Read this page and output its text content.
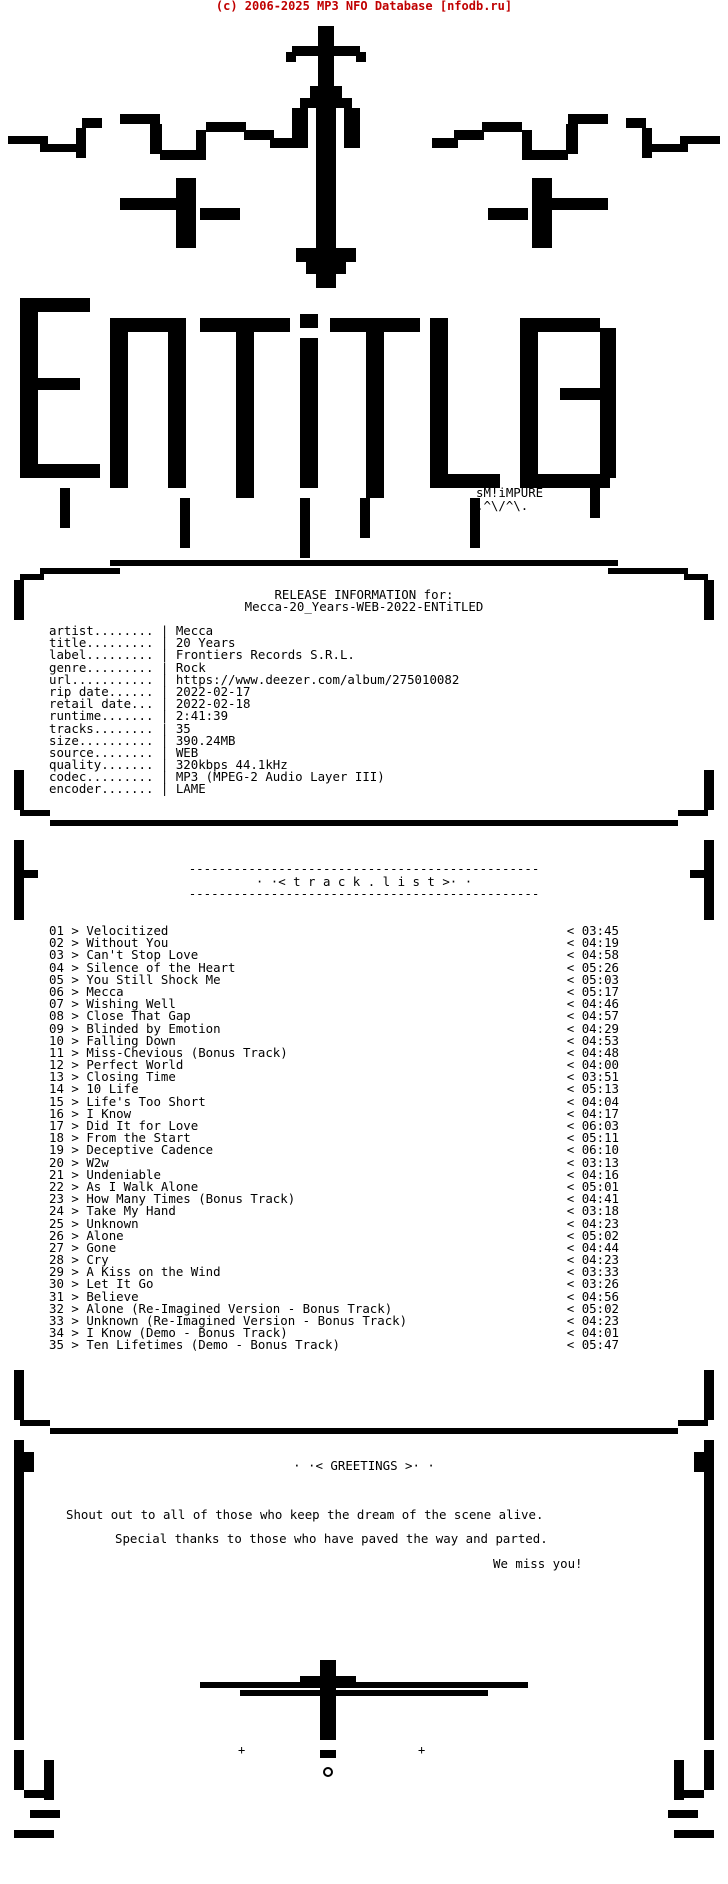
(c) 2006-2025 MP3 NFO Database [nfodb.ru]
sM!iMPURE
.^\/^\.
RELEASE INFORMATION for:
Mecca-20_Years-WEB-2022-ENTiTLED
artist........ | Mecca
title......... | 20 Years
label......... | Frontiers Records S.R.L.
genre......... | Rock
url........... | https://www.deezer.com/album/275010082
rip date...... | 2022-02-17
retail date... | 2022-02-18
runtime....... | 2:41:39
tracks........ | 35
size.......... | 390.24MB
source........ | WEB
quality....... | 320kbps 44.1kHz
codec......... | MP3 (MPEG-2 Audio Layer III)
encoder....... | LAME
-----------------------------------------------
· ·< t r a c k . l i s t >· ·
-----------------------------------------------
01 > Velocitized	< 03:45
02 > Without You	< 04:19
03 > Can't Stop Love	< 04:58
04 > Silence of the Heart	< 05:26
05 > You Still Shock Me	< 05:03
06 > Mecca	< 05:17
07 > Wishing Well	< 04:46
08 > Close That Gap	< 04:57
09 > Blinded by Emotion	< 04:29
10 > Falling Down	< 04:53
11 > Miss-Chevious (Bonus Track)	< 04:48
12 > Perfect World	< 04:00
13 > Closing Time	< 03:51
14 > 10 Life	< 05:13
15 > Life's Too Short	< 04:04
16 > I Know	< 04:17
17 > Did It for Love	< 06:03
18 > From the Start	< 05:11
19 > Deceptive Cadence	< 06:10
20 > W2w	< 03:13
21 > Undeniable	< 04:16
22 > As I Walk Alone	< 05:01
23 > How Many Times (Bonus Track)	< 04:41
24 > Take My Hand	< 03:18
25 > Unknown	< 04:23
26 > Alone	< 05:02
27 > Gone	< 04:44
28 > Cry	< 04:23
29 > A Kiss on the Wind	< 03:33
30 > Let It Go	< 03:26
31 > Believe	< 04:56
32 > Alone (Re-Imagined Version - Bonus Track)	< 05:02
33 > Unknown (Re-Imagined Version - Bonus Track)	< 04:23
34 > I Know (Demo - Bonus Track)	< 04:01
35 > Ten Lifetimes (Demo - Bonus Track)	< 05:47
+	+
· ·< GREETINGS >· ·
Shout out to all of those who keep the dream of the scene alive.
Special thanks to those who have paved the way and parted.
We miss you!
